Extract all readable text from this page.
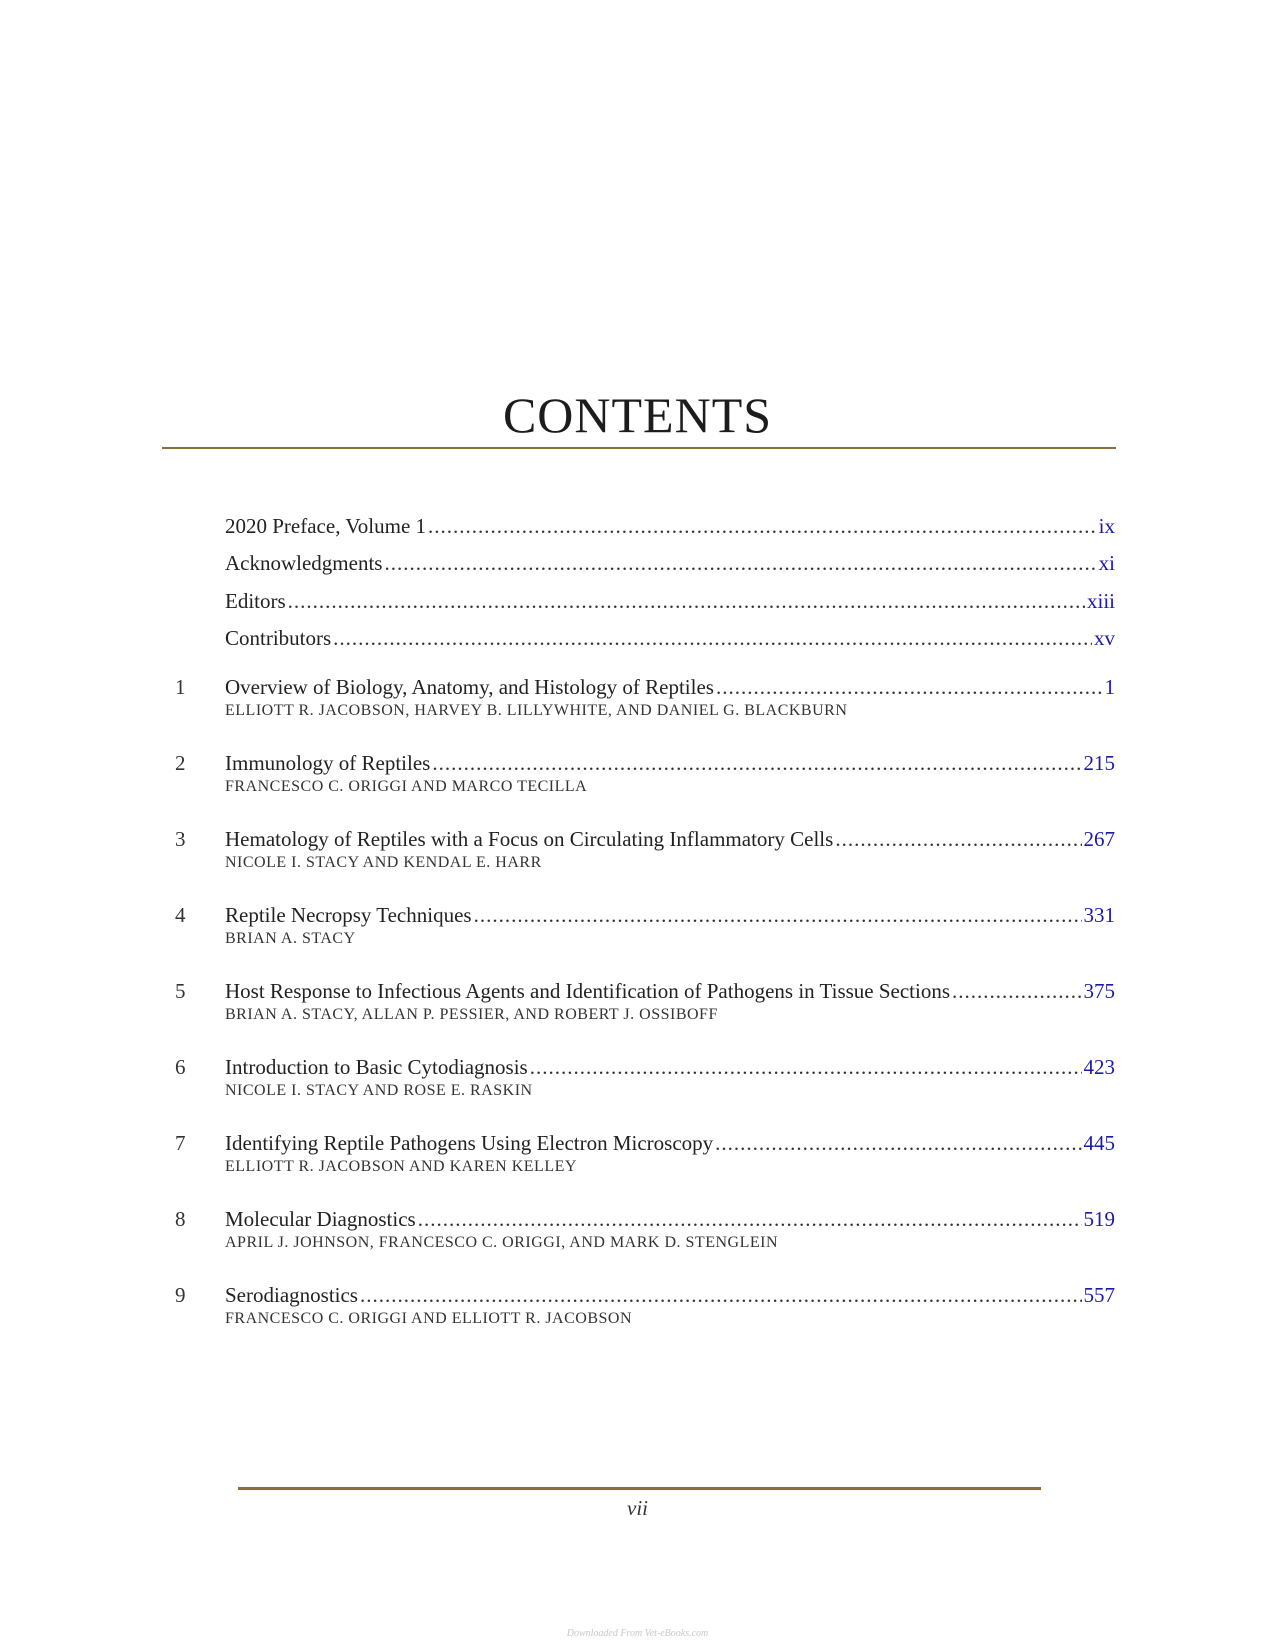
CONTENTS
2020 Preface, Volume 1 .....	ix
Acknowledgments .....	xi
Editors .....	xiii
Contributors .....	xv
1	Overview of Biology, Anatomy, and Histology of Reptiles .....	1
ELLIOTT R. JACOBSON, HARVEY B. LILLYWHITE, AND DANIEL G. BLACKBURN
2	Immunology of Reptiles .....	215
FRANCESCO C. ORIGGI AND MARCO TECILLA
3	Hematology of Reptiles with a Focus on Circulating Inflammatory Cells .....	267
NICOLE I. STACY AND KENDAL E. HARR
4	Reptile Necropsy Techniques .....	331
BRIAN A. STACY
5	Host Response to Infectious Agents and Identification of Pathogens in Tissue Sections .....	375
BRIAN A. STACY, ALLAN P. PESSIER, AND ROBERT J. OSSIBOFF
6	Introduction to Basic Cytodiagnosis .....	423
NICOLE I. STACY AND ROSE E. RASKIN
7	Identifying Reptile Pathogens Using Electron Microscopy .....	445
ELLIOTT R. JACOBSON AND KAREN KELLEY
8	Molecular Diagnostics .....	519
APRIL J. JOHNSON, FRANCESCO C. ORIGGI, AND MARK D. STENGLEIN
9	Serodiagnostics .....	557
FRANCESCO C. ORIGGI AND ELLIOTT R. JACOBSON
vii
Downloaded From Vet-eBooks.com
